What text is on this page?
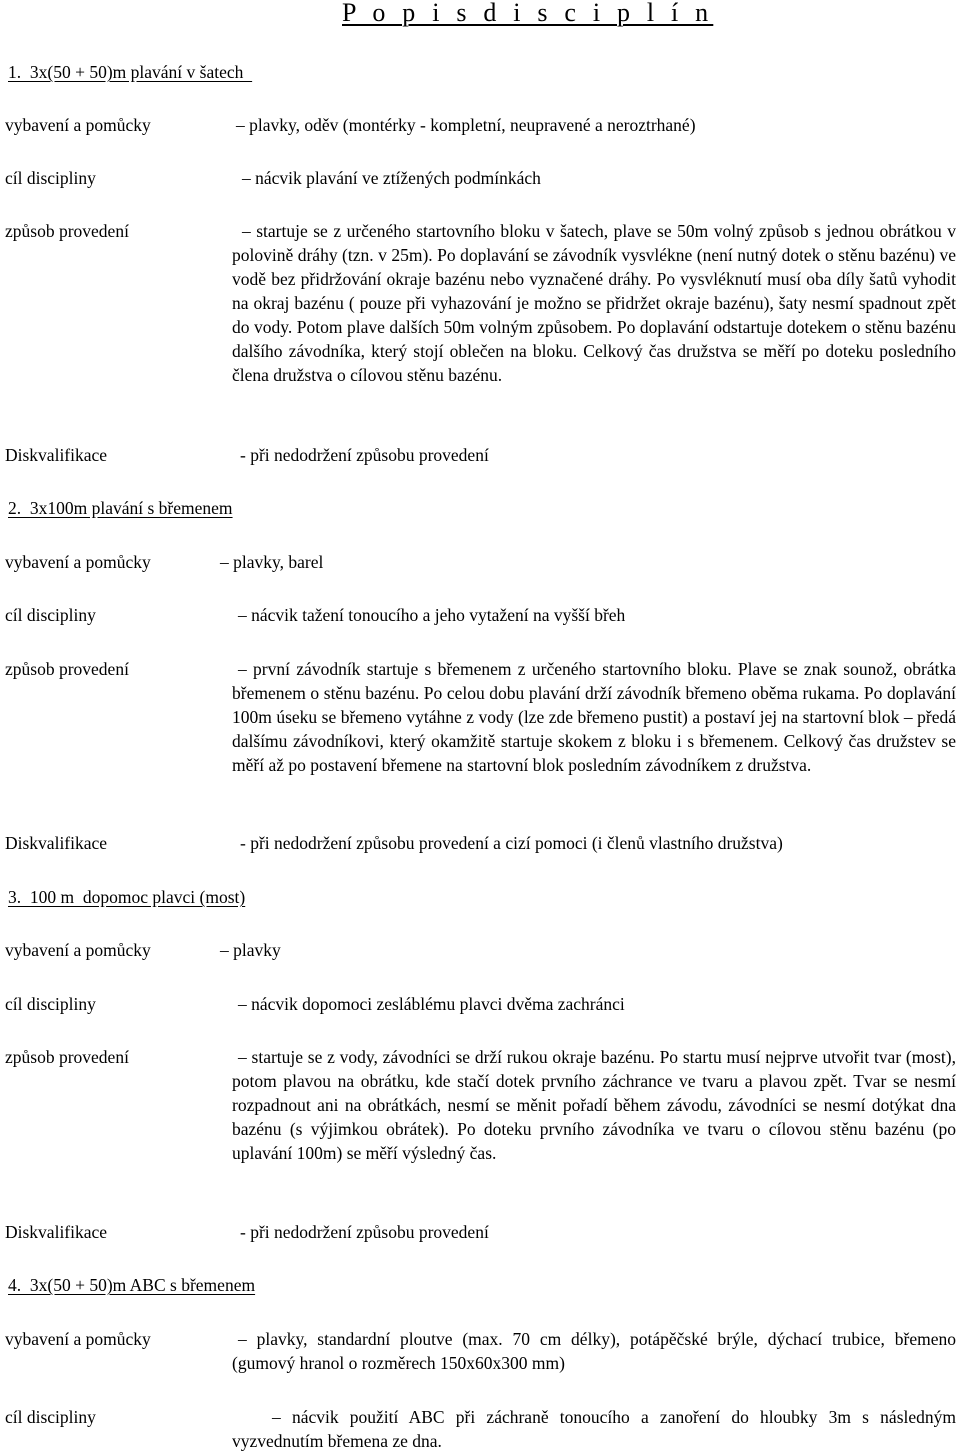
P o p i s d i s c i p l í n
1.  3x(50 + 50)m plavání v šatech
vybavení a pomůcky	– plavky, oděv (montérky - kompletní, neupravené a neroztrhané)
cíl discipliny	– nácvik plavání ve ztížených podmínkách
způsob provedení	– startuje se z určeného startovního bloku v šatech, plave se 50m volný způsob s jednou obrátkou v polovině dráhy (tzn. v 25m). Po doplavání se závodník vysvlékne (není nutný dotek o stěnu bazénu) ve vodě bez přidržování okraje bazénu nebo vyznačené dráhy. Po vysvléknutí musí oba díly šatů vyhodit na okraj bazénu ( pouze při vyhazování je možno se přidržet okraje bazénu), šaty nesmí spadnout zpět do vody. Potom plave dalších 50m volným způsobem. Po doplavání odstartuje dotekem o stěnu bazénu dalšího závodníka, který stojí oblečen na bloku. Celkový čas družstva se měří po doteku posledního člena družstva o cílovou stěnu bazénu.
Diskvalifikace	- při nedodržení způsobu provedení
2.  3x100m plavání s břemenem
vybavení a pomůcky	– plavky, barel
cíl discipliny	– nácvik tažení tonoucího a jeho vytažení na vyšší břeh
způsob provedení	– první závodník startuje s břemenem z určeného startovního bloku. Plave se znak sounož, obrátka břemenem o stěnu bazénu. Po celou dobu plavání drží závodník břemeno oběma rukama. Po doplavání 100m úseku se břemeno vytáhne z vody (lze zde břemeno pustit) a postaví jej na startovní blok – předá dalšímu závodníkovi, který okamžitě startuje skokem z bloku i s břemenem. Celkový čas družstev se měří až po postavení břemene na startovní blok posledním závodníkem z družstva.
Diskvalifikace	- při nedodržení způsobu provedení a cizí pomoci (i členů vlastního družstva)
3.  100 m  dopomoc plavci (most)
vybavení a pomůcky	– plavky
cíl discipliny	– nácvik dopomoci zesláblému plavci dvěma zachránci
způsob provedení	– startuje se z vody, závodníci se drží rukou okraje bazénu. Po startu musí nejprve utvořit tvar (most), potom plavou na obrátku, kde stačí dotek prvního záchrance ve tvaru a plavou zpět. Tvar se nesmí rozpadnout ani na obrátkách, nesmí se měnit pořadí během závodu, závodníci se nesmí dotýkat dna bazénu (s výjimkou obrátek). Po doteku prvního závodníka ve tvaru o cílovou stěnu bazénu (po uplavání 100m) se měří výsledný čas.
Diskvalifikace	- při nedodržení způsobu provedení
4.  3x(50 + 50)m ABC s břemenem
vybavení a pomůcky	– plavky, standardní ploutve (max. 70 cm délky), potápěčské brýle, dýchací trubice, břemeno (gumový hranol o rozměrech 150x60x300 mm)
cíl discipliny	– nácvik použití ABC při záchraně tonoucího a zanoření do hloubky 3m s následným vyzvednutím břemena ze dna.
